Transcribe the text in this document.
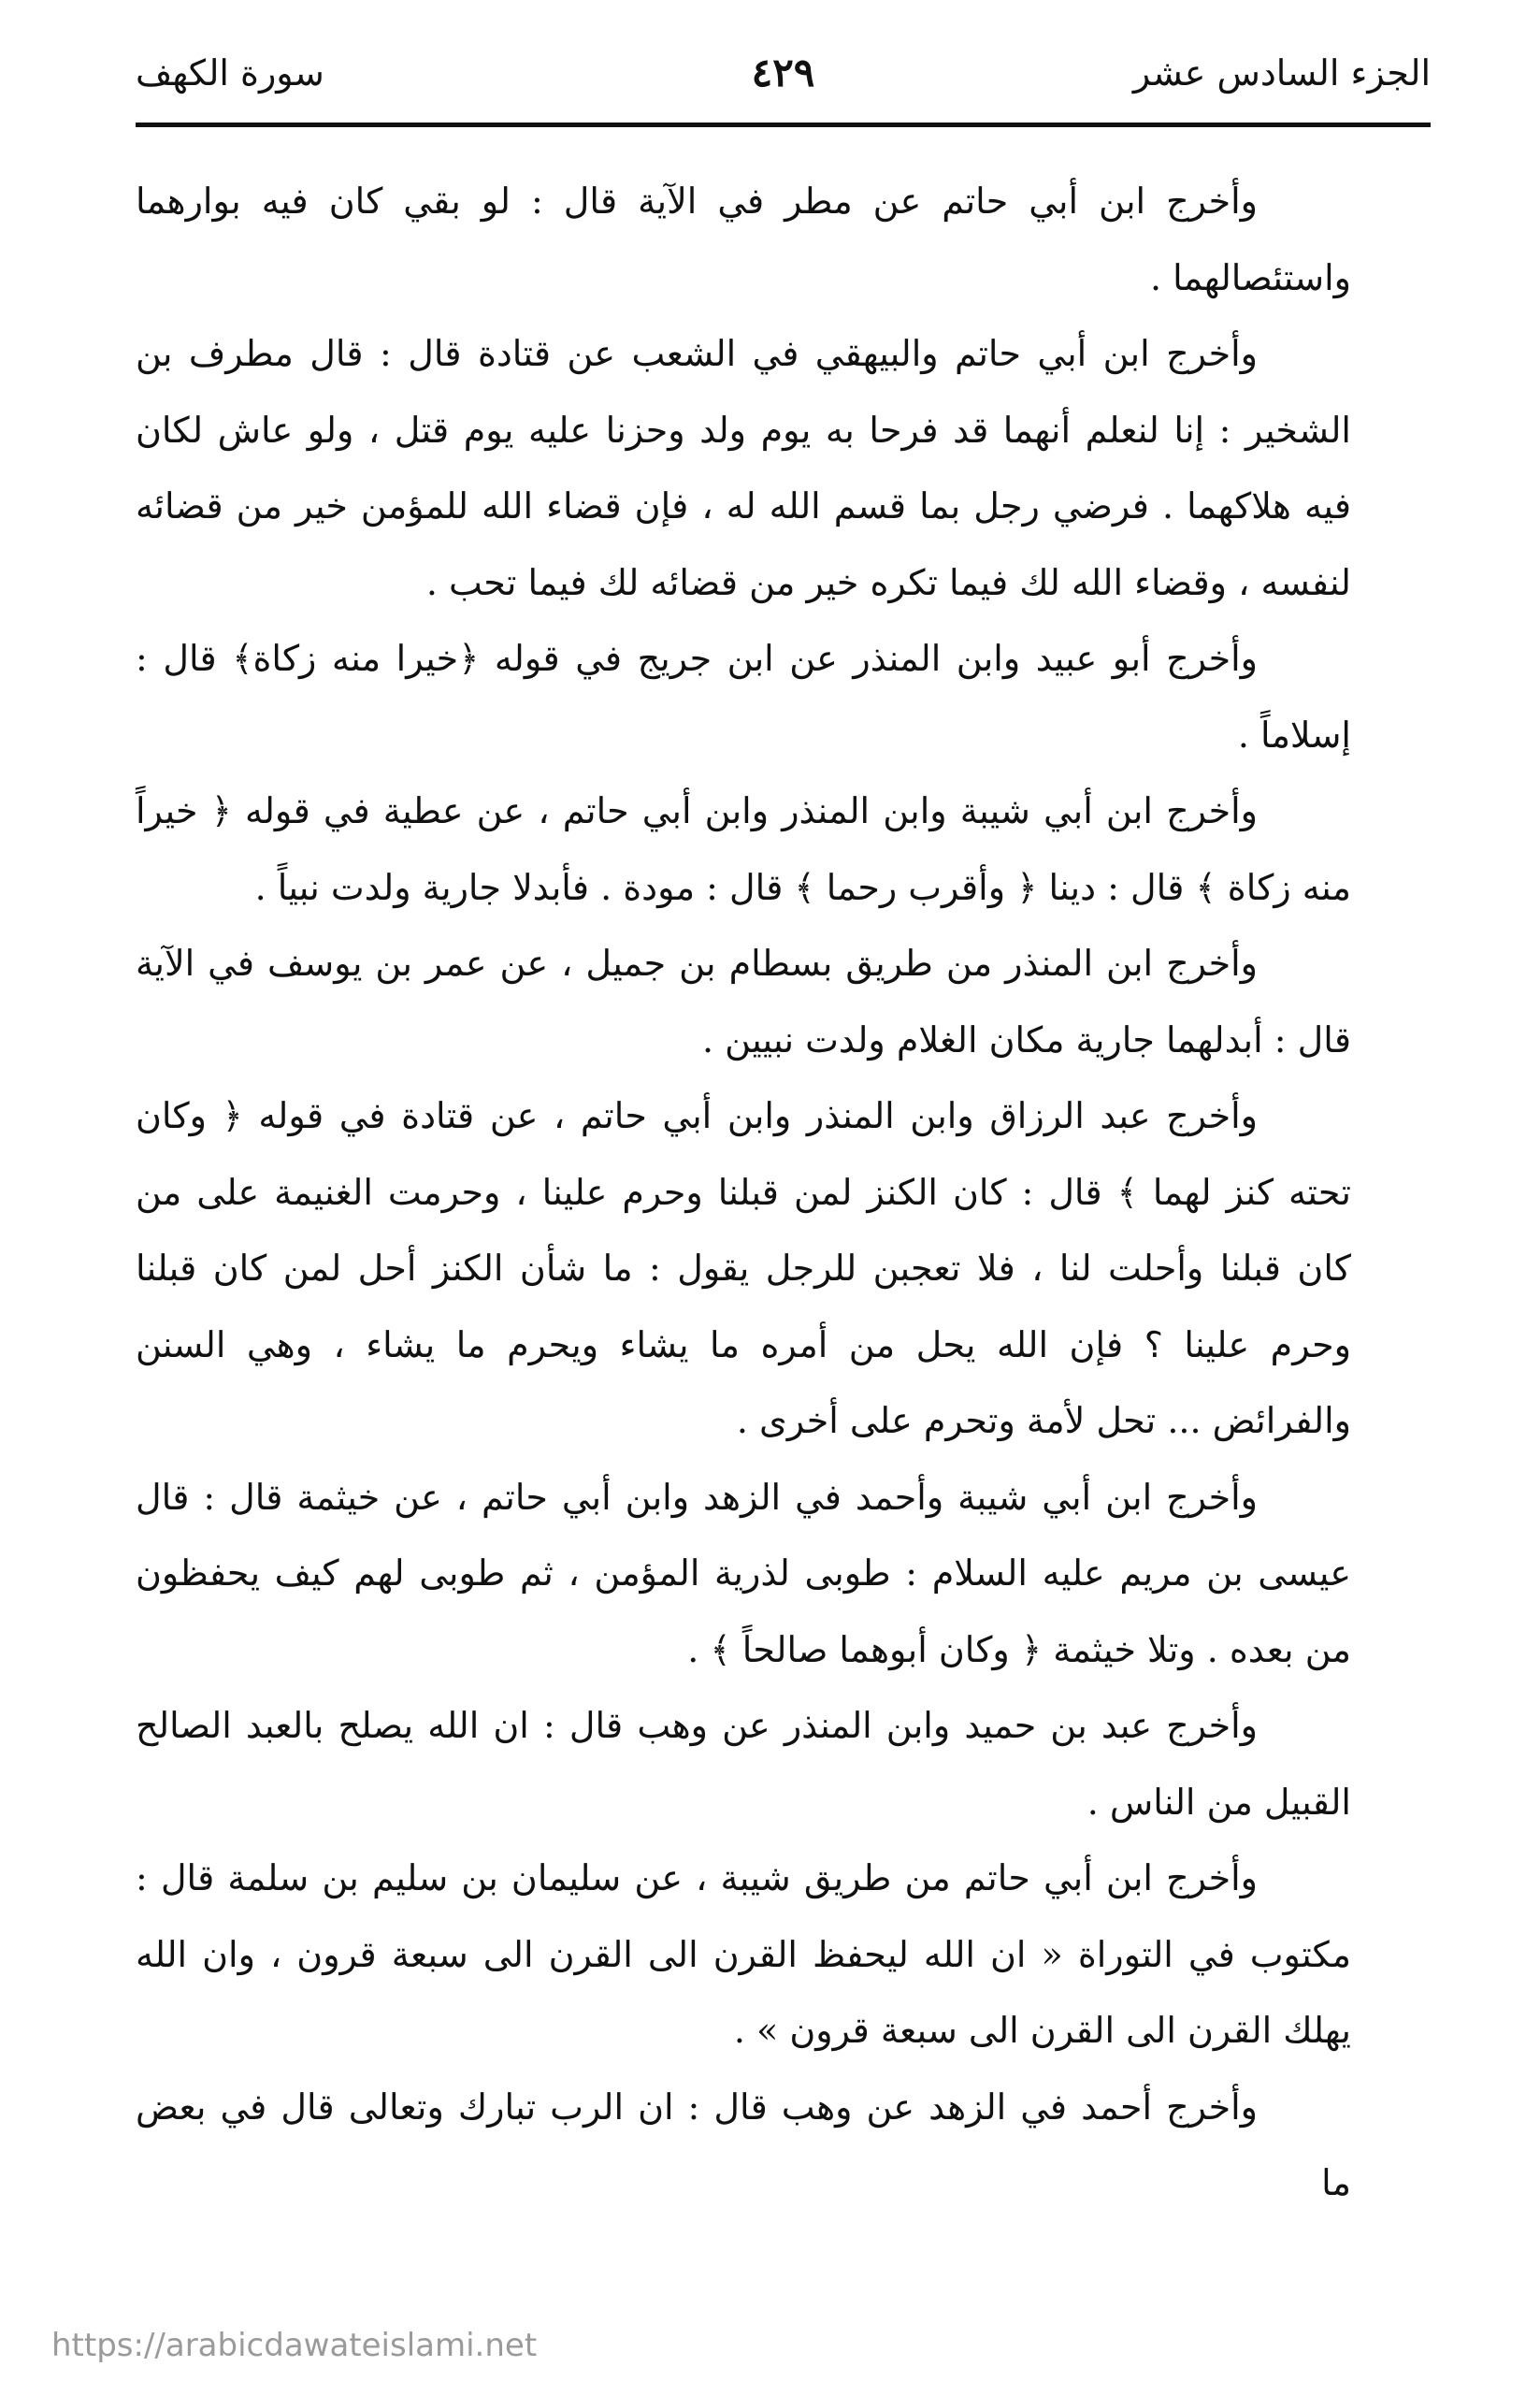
الجزء السادس عشر
٤٢٩
سورة الكهف

وأخرج ابن أبي حاتم عن مطر في الآية قال : لو بقي كان فيه بوارهما واستئصالهما .

وأخرج ابن أبي حاتم والبيهقي في الشعب عن قتادة قال : قال مطرف بن الشخير : إنا لنعلم أنهما قد فرحا به يوم ولد وحزنا عليه يوم قتل ، ولو عاش لكان فيه هلاكهما . فرضي رجل بما قسم الله له ، فإن قضاء الله للمؤمن خير من قضائه لنفسه ، وقضاء الله لك فيما تكره خير من قضائه لك فيما تحب .

وأخرج أبو عبيد وابن المنذر عن ابن جريج في قوله ﴿خيرا منه زكاة﴾ قال : إسلاماً .

وأخرج ابن أبي شيبة وابن المنذر وابن أبي حاتم ، عن عطية في قوله ﴿ خيراً منه زكاة ﴾ قال : دينا ﴿ وأقرب رحما ﴾ قال : مودة . فأبدلا جارية ولدت نبياً .

وأخرج ابن المنذر من طريق بسطام بن جميل ، عن عمر بن يوسف في الآية قال : أبدلهما جارية مكان الغلام ولدت نبيين .

وأخرج عبد الرزاق وابن المنذر وابن أبي حاتم ، عن قتادة في قوله ﴿ وكان تحته كنز لهما ﴾ قال : كان الكنز لمن قبلنا وحرم علينا ، وحرمت الغنيمة على من كان قبلنا وأحلت لنا ، فلا تعجبن للرجل يقول : ما شأن الكنز أحل لمن كان قبلنا وحرم علينا ؟ فإن الله يحل من أمره ما يشاء ويحرم ما يشاء ، وهي السنن والفرائض ... تحل لأمة وتحرم على أخرى .

وأخرج ابن أبي شيبة وأحمد في الزهد وابن أبي حاتم ، عن خيثمة قال : قال عيسى بن مريم عليه السلام : طوبى لذرية المؤمن ، ثم طوبى لهم كيف يحفظون من بعده . وتلا خيثمة ﴿ وكان أبوهما صالحاً ﴾ .

وأخرج عبد بن حميد وابن المنذر عن وهب قال : ان الله يصلح بالعبد الصالح القبيل من الناس .

وأخرج ابن أبي حاتم من طريق شيبة ، عن سليمان بن سليم بن سلمة قال : مكتوب في التوراة « ان الله ليحفظ القرن الى القرن الى سبعة قرون ، وان الله يهلك القرن الى القرن الى سبعة قرون » .

وأخرج أحمد في الزهد عن وهب قال : ان الرب تبارك وتعالى قال في بعض ما

https://arabicdawateislami.net
